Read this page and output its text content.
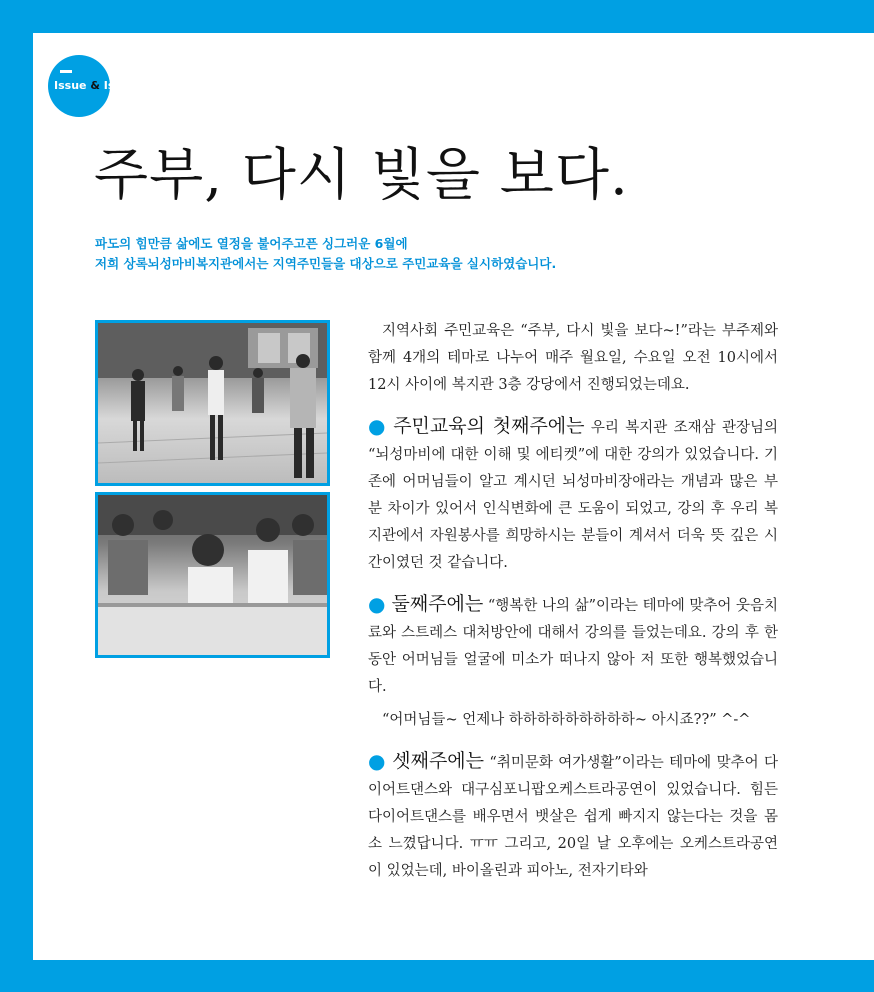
Issue & Issue
주부, 다시 빛을 보다.
파도의 힘만큼 삶에도 열정을 불어주고픈 싱그러운 6월에
저희 상록뇌성마비복지관에서는 지역주민들을 대상으로 주민교육을 실시하였습니다.

지역사회 주민교육은 “주부, 다시 빛을 보다~!”라는 부주제와 함께 4개의 테마로 나누어 매주 월요일, 수요일 오전 10시에서 12시 사이에 복지관 3층 강당에서 진행되었는데요.

● 주민교육의 첫째주에는 우리 복지관 조재삼 관장님의 “뇌성마비에 대한 이해 및 에티켓”에 대한 강의가 있었습니다. 기존에 어머님들이 알고 계시던 뇌성마비장애라는 개념과 많은 부분 차이가 있어서 인식변화에 큰 도움이 되었고, 강의 후 우리 복지관에서 자원봉사를 희망하시는 분들이 계셔서 더욱 뜻 깊은 시간이였던 것 같습니다.

● 둘째주에는 “행복한 나의 삶”이라는 테마에 맞추어 웃음치료와 스트레스 대처방안에 대해서 강의를 들었는데요. 강의 후 한동안 어머님들 얼굴에 미소가 떠나지 않아 저 또한 행복했었습니다.

“어머님들~ 언제나 하하하하하하하하하~ 아시죠??” ^-^

● 셋째주에는 “취미문화 여가생활”이라는 테마에 맞추어 다이어트댄스와 대구심포니팝오케스트라공연이 있었습니다. 힘든 다이어트댄스를 배우면서 뱃살은 쉽게 빠지지 않는다는 것을 몸소 느꼈답니다. ㅠㅠ 그리고, 20일 날 오후에는 오케스트라공연이 있었는데, 바이올린과 피아노, 전자기타와
